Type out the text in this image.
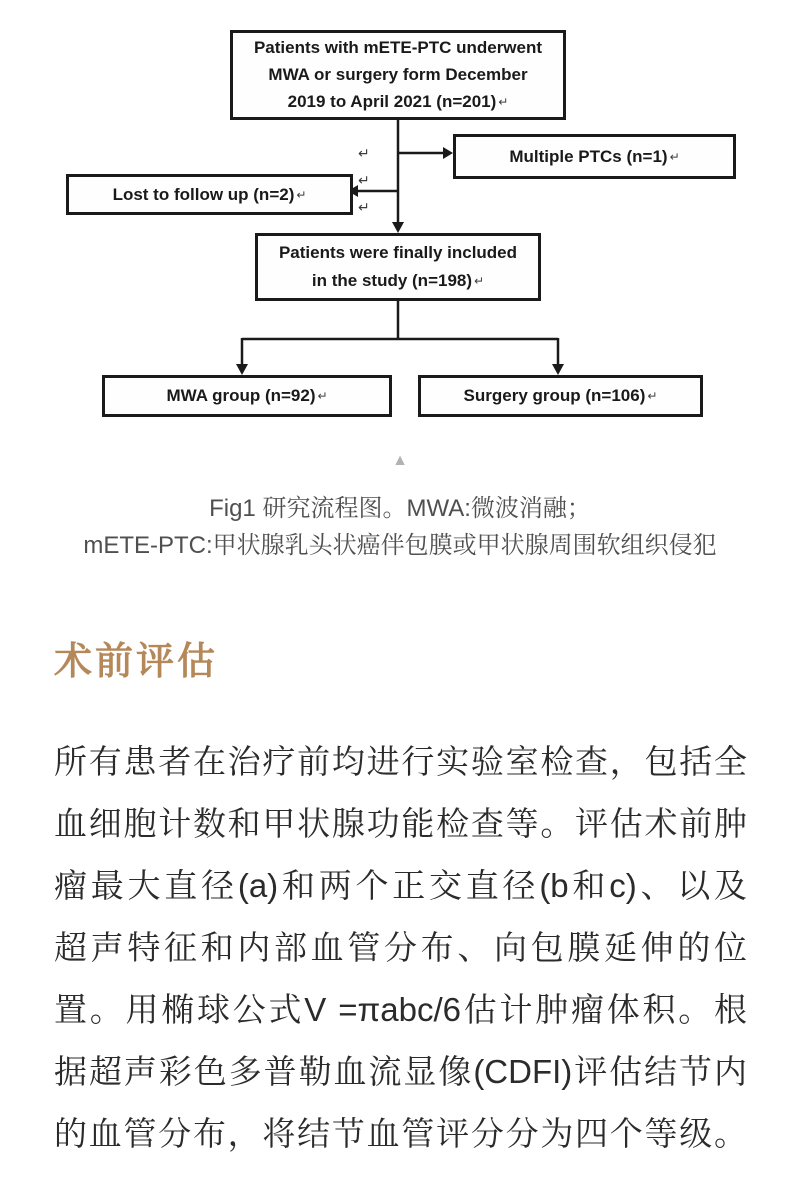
Patients with mETE-PTC underwent
MWA or surgery form December
2019 to April 2021 (n=201) ↵
Multiple PTCs (n=1) ↵
Lost to follow up (n=2) ↵
Patients were finally included
in the study (n=198) ↵
MWA group (n=92) ↵	Surgery group (n=106) ↵
↵
↵
↵
▲
Fig1 研究流程图。MWA:微波消融；
mETE-PTC:甲状腺乳头状癌伴包膜或甲状腺周围软组织侵犯
术前评估
所有患者在治疗前均进行实验室检查，包括全
血细胞计数和甲状腺功能检查等。评估术前肿
瘤最大直径(a)和两个正交直径(b和c)、以及
超声特征和内部血管分布、向包膜延伸的位
置。用椭球公式V =πabc/6估计肿瘤体积。根
据超声彩色多普勒血流显像(CDFI)评估结节内
的血管分布，将结节血管评分分为四个等级。
